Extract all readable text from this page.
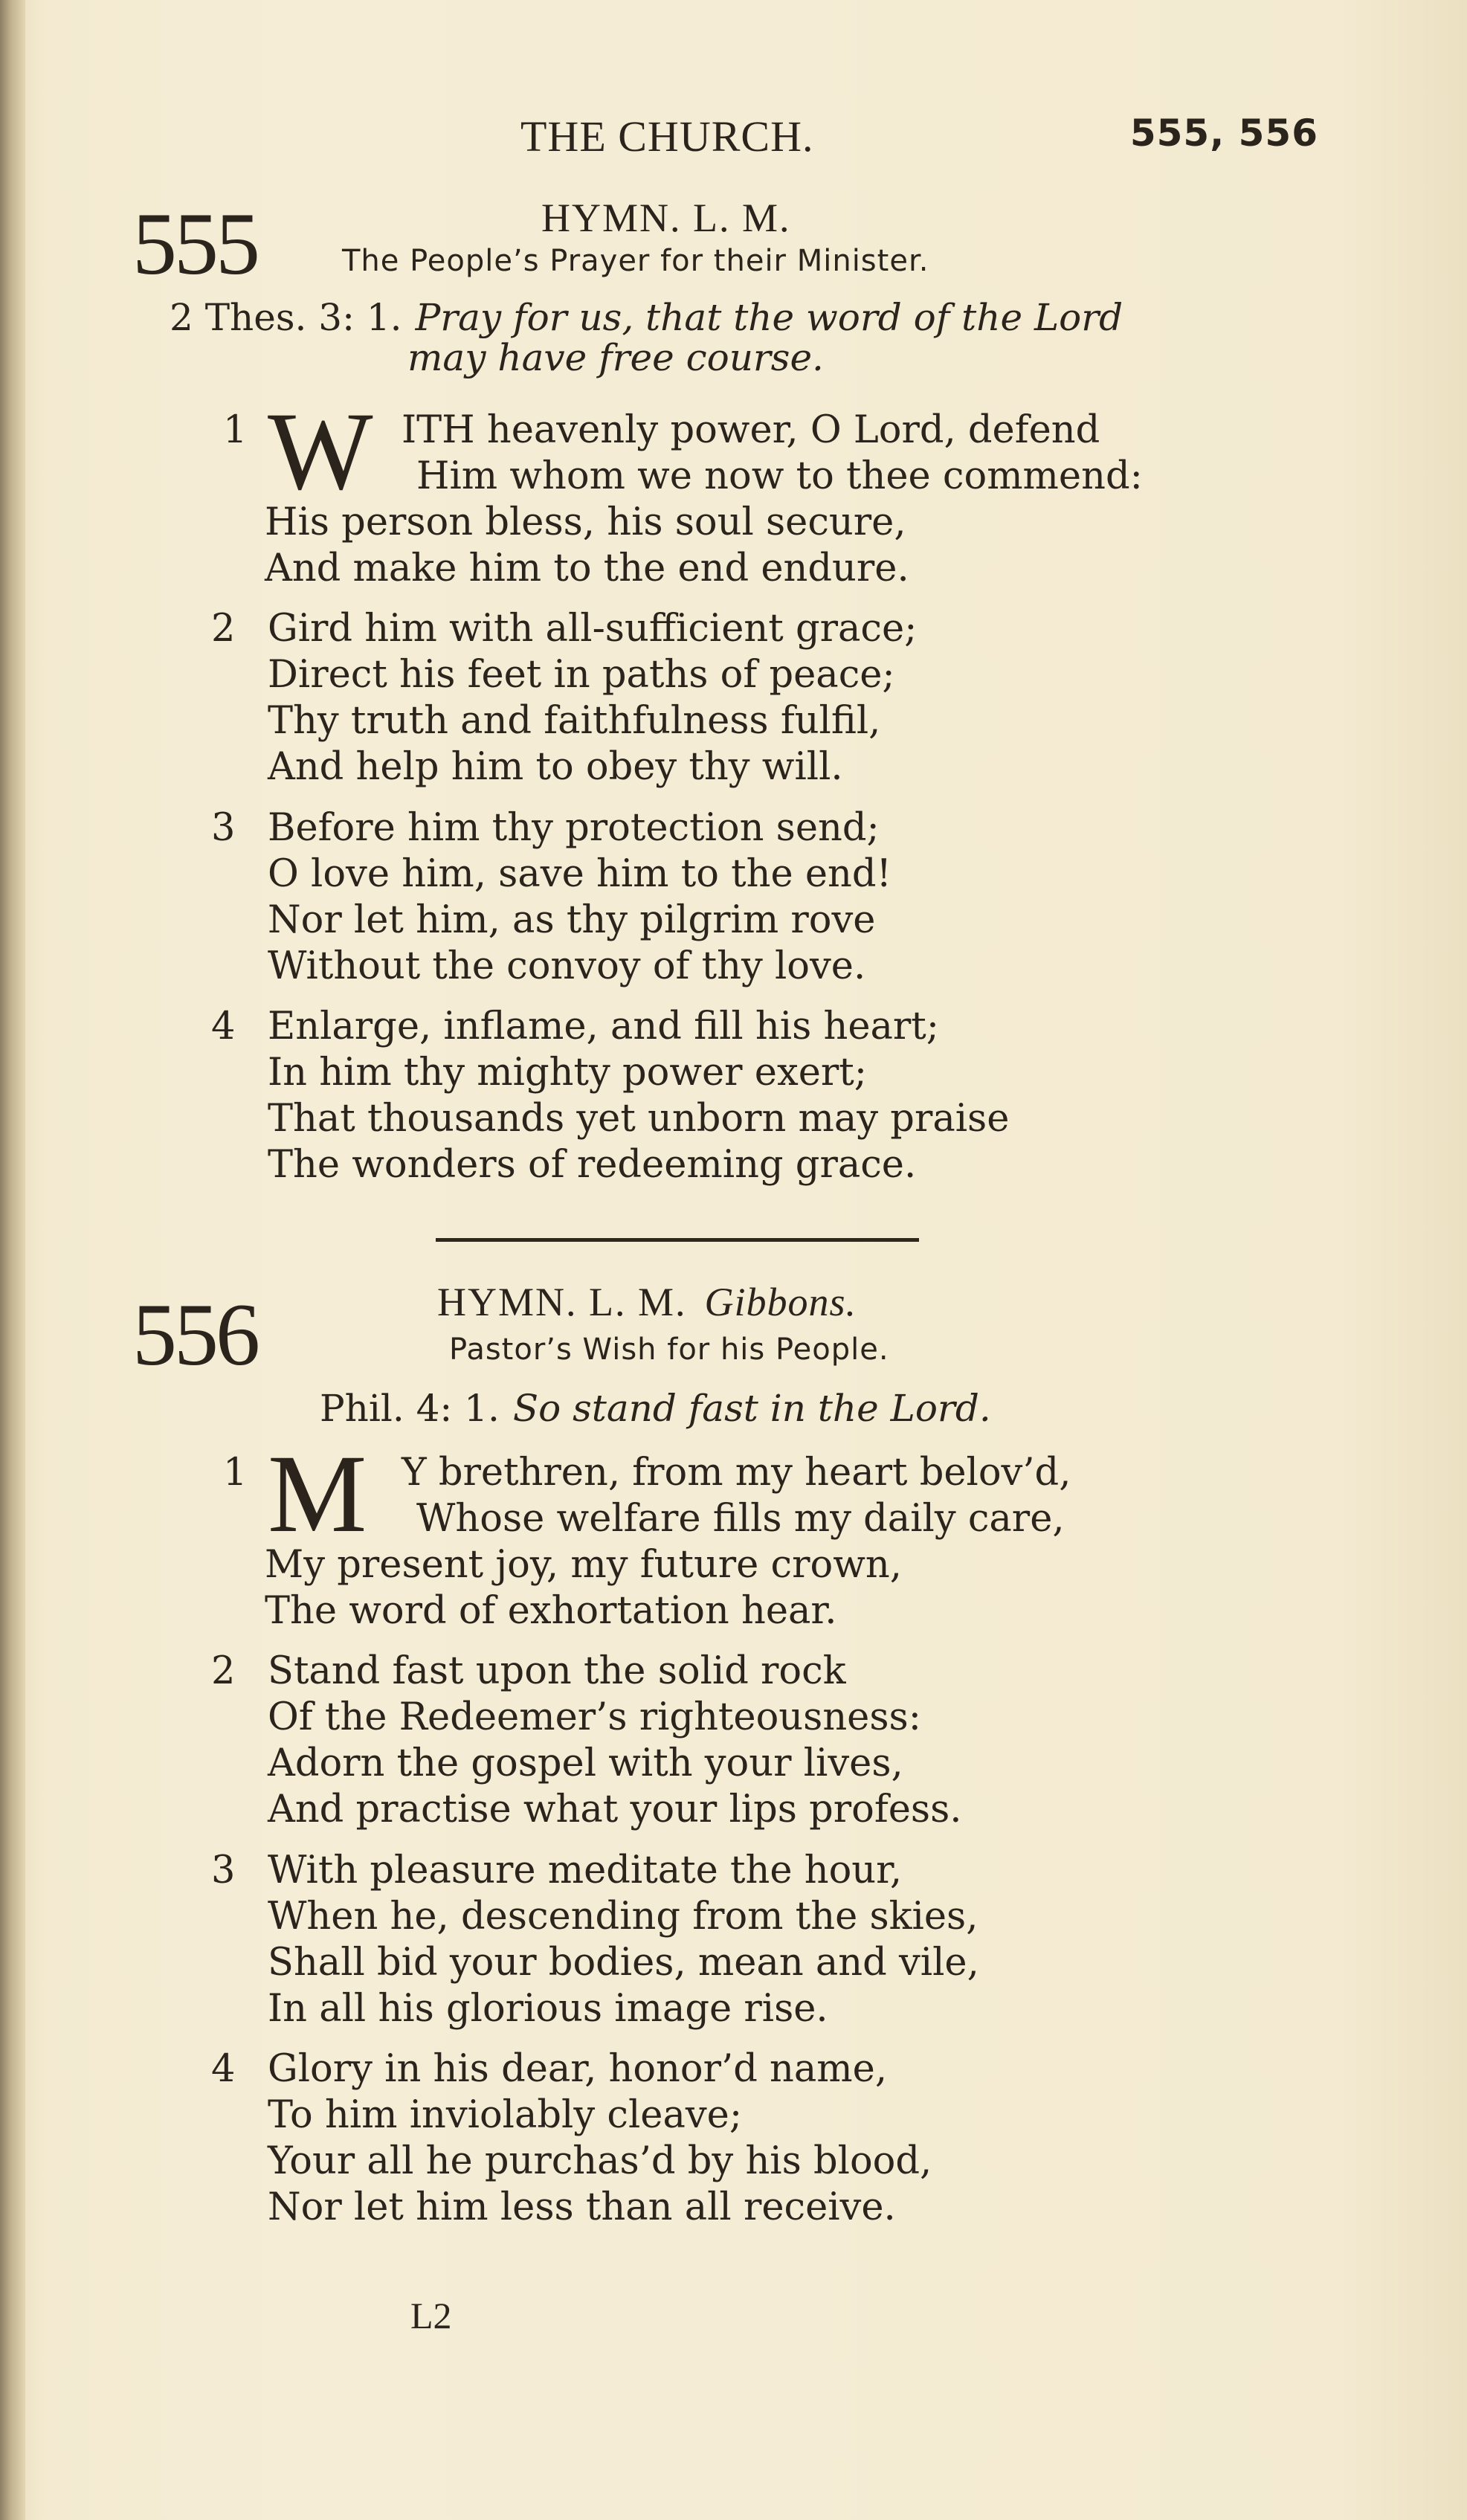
THE CHURCH.	555, 556
555	HYMN. L. M.
The People’s Prayer for their Minister.
2 Thes. 3: 1. Pray for us, that the word of the Lord
may have free course.
1 W ITH heavenly power, O Lord, defend
Him whom we now to thee commend:
His person bless, his soul secure,
And make him to the end endure.
2 Gird him with all-sufficient grace;
Direct his feet in paths of peace;
Thy truth and faithfulness fulfil,
And help him to obey thy will.
3 Before him thy protection send;
O love him, save him to the end!
Nor let him, as thy pilgrim rove
Without the convoy of thy love.
4 Enlarge, inflame, and fill his heart;
In him thy mighty power exert;
That thousands yet unborn may praise
The wonders of redeeming grace.
556	HYMN. L. M. Gibbons.
Pastor’s Wish for his People.
Phil. 4: 1. So stand fast in the Lord.
1 M Y brethren, from my heart belov’d,
Whose welfare fills my daily care,
My present joy, my future crown,
The word of exhortation hear.
2 Stand fast upon the solid rock
Of the Redeemer’s righteousness:
Adorn the gospel with your lives,
And practise what your lips profess.
3 With pleasure meditate the hour,
When he, descending from the skies,
Shall bid your bodies, mean and vile,
In all his glorious image rise.
4 Glory in his dear, honor’d name,
To him inviolably cleave;
Your all he purchas’d by his blood,
Nor let him less than all receive.
L2
